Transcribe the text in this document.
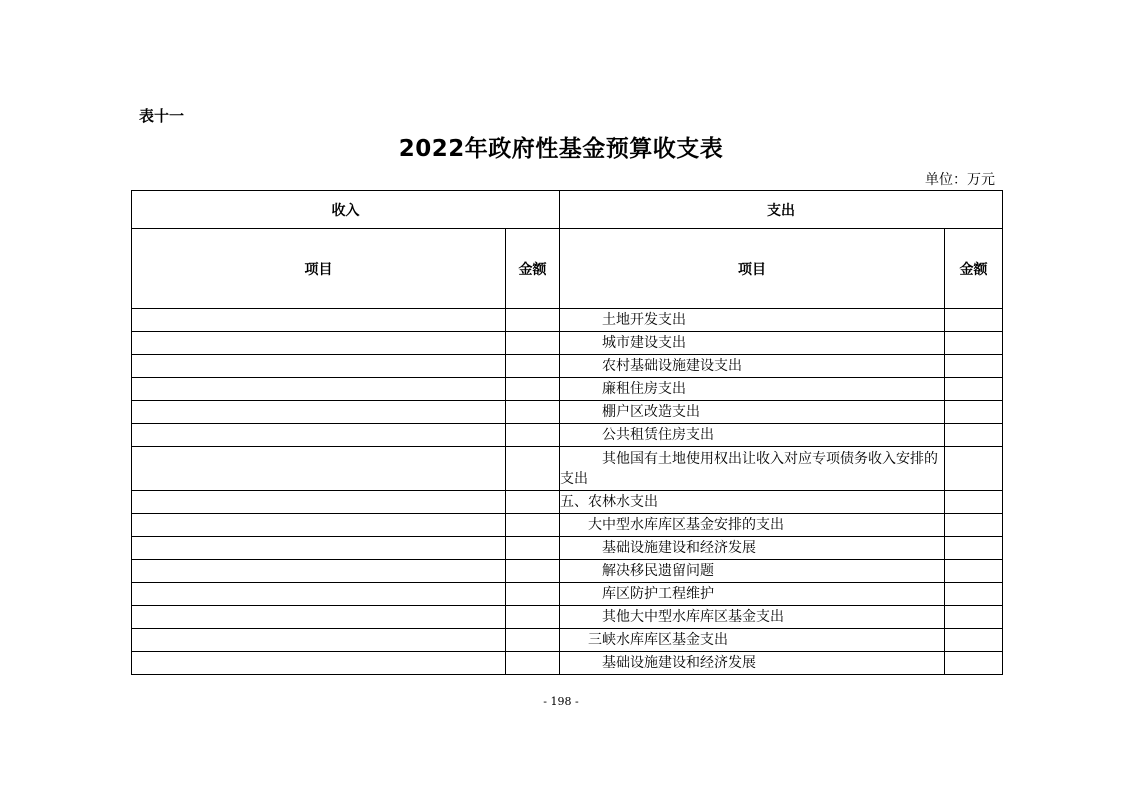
表十一
2022年政府性基金预算收支表
单位：万元
收入		支出	
项目	金额	项目	金额
		土地开发支出	
		城市建设支出	
		农村基础设施建设支出	
		廉租住房支出	
		棚户区改造支出	
		公共租赁住房支出	

		其他国有土地使用权出让收入对应专项债务收入安排的支出	

		五、农林水支出	
		大中型水库库区基金安排的支出	
		基础设施建设和经济发展	
		解决移民遗留问题	
		库区防护工程维护	
		其他大中型水库库区基金支出	
		三峡水库库区基金支出	
		基础设施建设和经济发展	
- 198 -
